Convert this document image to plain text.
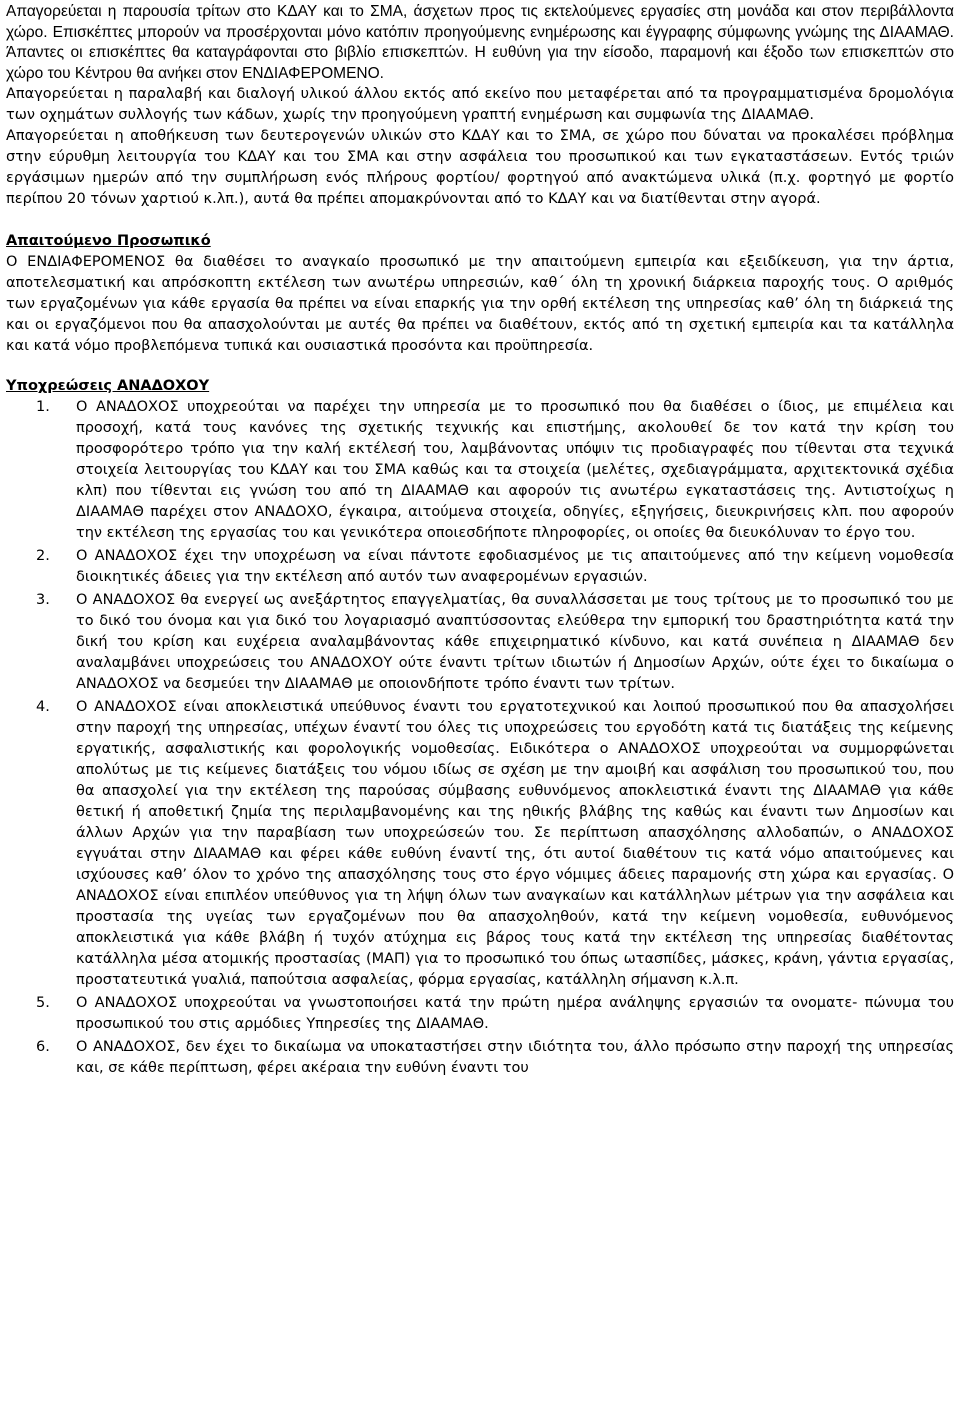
Απαγορεύεται η παρουσία τρίτων στο ΚΔΑΥ και το ΣΜΑ, άσχετων προς τις εκτελούμενες εργασίες στη μονάδα και στον περιβάλλοντα χώρο. Επισκέπτες μπορούν να προσέρχονται μόνο κατόπιν προηγούμενης ενημέρωσης και έγγραφης σύμφωνης γνώμης της ΔΙΑΑΜΑΘ. Άπαντες οι επισκέπτες θα καταγράφονται στο βιβλίο επισκεπτών. Η ευθύνη για την είσοδο, παραμονή και έξοδο των επισκεπτών στο χώρο του Κέντρου θα ανήκει στον ΕΝΔΙΑΦΕΡΟΜΕΝΟ.

Απαγορεύεται η παραλαβή και διαλογή υλικού άλλου εκτός από εκείνο που μεταφέρεται από τα προγραμματισμένα δρομολόγια των οχημάτων συλλογής των κάδων, χωρίς την προηγούμενη γραπτή ενημέρωση και συμφωνία της ΔΙΑΑΜΑΘ.

Απαγορεύεται η αποθήκευση των δευτερογενών υλικών στο ΚΔΑΥ και το ΣΜΑ, σε χώρο που δύναται να προκαλέσει πρόβλημα στην εύρυθμη λειτουργία του ΚΔΑΥ και του ΣΜΑ και στην ασφάλεια του προσωπικού και των εγκαταστάσεων. Εντός τριών εργάσιμων ημερών από την συμπλήρωση ενός πλήρους φορτίου/ φορτηγού από ανακτώμενα υλικά (π.χ. φορτηγό με φορτίο περίπου 20 τόνων χαρτιού κ.λπ.), αυτά θα πρέπει απομακρύνονται από το ΚΔΑΥ και να διατίθενται στην αγορά.

Απαιτούμενο Προσωπικό

Ο ΕΝΔΙΑΦΕΡΟΜΕΝΟΣ θα διαθέσει το αναγκαίο προσωπικό με την απαιτούμενη εμπειρία και εξειδίκευση, για την άρτια, αποτελεσματική και απρόσκοπτη εκτέλεση των ανωτέρω υπηρεσιών, καθ΄ όλη τη χρονική διάρκεια παροχής τους. Ο αριθμός των εργαζομένων για κάθε εργασία θα πρέπει να είναι επαρκής για την ορθή εκτέλεση της υπηρεσίας καθ’ όλη τη διάρκειά της και οι εργαζόμενοι που θα απασχολούνται με αυτές θα πρέπει να διαθέτουν, εκτός από τη σχετική εμπειρία και τα κατάλληλα και κατά νόμο προβλεπόμενα τυπικά και ουσιαστικά προσόντα και προϋπηρεσία.

Υποχρεώσεις ΑΝΑΔΟΧΟΥ

1. Ο ΑΝΑΔΟΧΟΣ υποχρεούται να παρέχει την υπηρεσία με το προσωπικό που θα διαθέσει ο ίδιος, με επιμέλεια και προσοχή, κατά τους κανόνες της σχετικής τεχνικής και επιστήμης, ακολουθεί δε τον κατά την κρίση του προσφορότερο τρόπο για την καλή εκτέλεσή του, λαμβάνοντας υπόψιν τις προδιαγραφές που τίθενται στα τεχνικά στοιχεία λειτουργίας του ΚΔΑΥ και του ΣΜΑ καθώς και τα στοιχεία (μελέτες, σχεδιαγράμματα, αρχιτεκτονικά σχέδια κλπ) που τίθενται εις γνώση του από τη ΔΙΑΑΜΑΘ και αφορούν τις ανωτέρω εγκαταστάσεις της. Αντιστοίχως η ΔΙΑΑΜΑΘ παρέχει στον ΑΝΑΔΟΧΟ, έγκαιρα, αιτούμενα στοιχεία, οδηγίες, εξηγήσεις, διευκρινήσεις κλπ. που αφορούν την εκτέλεση της εργασίας του και γενικότερα οποιεσδήποτε πληροφορίες, οι οποίες θα διευκόλυναν το έργο του.
2. Ο ΑΝΑΔΟΧΟΣ έχει την υποχρέωση να είναι πάντοτε εφοδιασμένος με τις απαιτούμενες από την κείμενη νομοθεσία διοικητικές άδειες για την εκτέλεση από αυτόν των αναφερομένων εργασιών.
3. Ο ΑΝΑΔΟΧΟΣ θα ενεργεί ως ανεξάρτητος επαγγελματίας, θα συναλλάσσεται με τους τρίτους με το προσωπικό του με το δικό του όνομα και για δικό του λογαριασμό αναπτύσσοντας ελεύθερα την εμπορική του δραστηριότητα κατά την δική του κρίση και ευχέρεια αναλαμβάνοντας κάθε επιχειρηματικό κίνδυνο, και κατά συνέπεια η ΔΙΑΑΜΑΘ δεν αναλαμβάνει υποχρεώσεις του ΑΝΑΔΟΧΟΥ ούτε έναντι τρίτων ιδιωτών ή Δημοσίων Αρχών, ούτε έχει το δικαίωμα ο ΑΝΑΔΟΧΟΣ να δεσμεύει την ΔΙΑΑΜΑΘ με οποιονδήποτε τρόπο έναντι των τρίτων.
4. Ο ΑΝΑΔΟΧΟΣ είναι αποκλειστικά υπεύθυνος έναντι του εργατοτεχνικού και λοιπού προσωπικού που θα απασχολήσει στην παροχή της υπηρεσίας, υπέχων έναντί του όλες τις υποχρεώσεις του εργοδότη κατά τις διατάξεις της κείμενης εργατικής, ασφαλιστικής και φορολογικής νομοθεσίας. Ειδικότερα ο ΑΝΑΔΟΧΟΣ υποχρεούται να συμμορφώνεται απολύτως με τις κείμενες διατάξεις του νόμου ιδίως σε σχέση με την αμοιβή και ασφάλιση του προσωπικού του, που θα απασχολεί για την εκτέλεση της παρούσας σύμβασης ευθυνόμενος αποκλειστικά έναντι της ΔΙΑΑΜΑΘ για κάθε θετική ή αποθετική ζημία της περιλαμβανομένης και της ηθικής βλάβης της καθώς και έναντι των Δημοσίων και άλλων Αρχών για την παραβίαση των υποχρεώσεών του. Σε περίπτωση απασχόλησης αλλοδαπών, ο ΑΝΑΔΟΧΟΣ εγγυάται στην ΔΙΑΑΜΑΘ και φέρει κάθε ευθύνη έναντί της, ότι αυτοί διαθέτουν τις κατά νόμο απαιτούμενες και ισχύουσες καθ’ όλον το χρόνο της απασχόλησης τους στο έργο νόμιμες άδειες παραμονής στη χώρα και εργασίας. Ο ΑΝΑΔΟΧΟΣ είναι επιπλέον υπεύθυνος για τη λήψη όλων των αναγκαίων και κατάλληλων μέτρων για την ασφάλεια και προστασία της υγείας των εργαζομένων που θα απασχοληθούν, κατά την κείμενη νομοθεσία, ευθυνόμενος αποκλειστικά για κάθε βλάβη ή τυχόν ατύχημα εις βάρος τους κατά την εκτέλεση της υπηρεσίας διαθέτοντας κατάλληλα μέσα ατομικής προστασίας (ΜΑΠ) για το προσωπικό του όπως ωτασπίδες, μάσκες, κράνη, γάντια εργασίας, προστατευτικά γυαλιά, παπούτσια ασφαλείας, φόρμα εργασίας, κατάλληλη σήμανση κ.λ.π.
5. Ο ΑΝΑΔΟΧΟΣ υποχρεούται να γνωστοποιήσει κατά την πρώτη ημέρα ανάληψης εργασιών τα ονοματε- πώνυμα του προσωπικού του στις αρμόδιες Υπηρεσίες της ΔΙΑΑΜΑΘ.
6. Ο ΑΝΑΔΟΧΟΣ, δεν έχει το δικαίωμα να υποκαταστήσει στην ιδιότητα του, άλλο πρόσωπο στην παροχή της υπηρεσίας και, σε κάθε περίπτωση, φέρει ακέραια την ευθύνη έναντι του
